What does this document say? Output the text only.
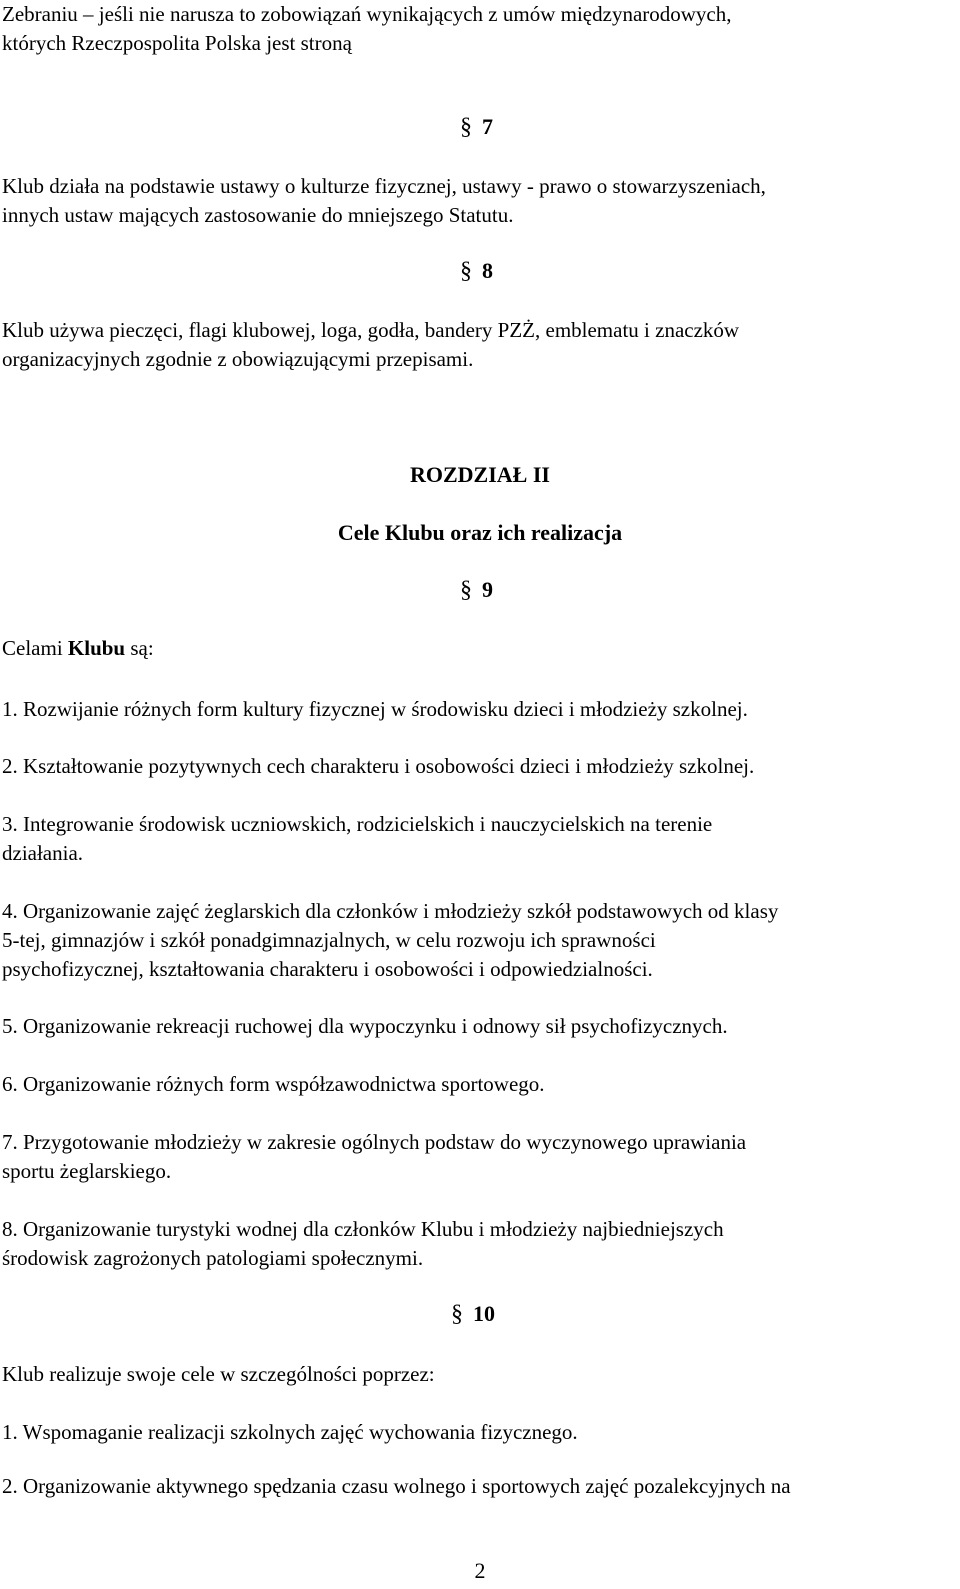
Zebraniu – jeśli nie narusza to zobowiązań wynikających z umów międzynarodowych,
których Rzeczpospolita Polska jest stroną
§ 7
Klub działa na podstawie ustawy o kulturze fizycznej, ustawy - prawo o stowarzyszeniach,
innych ustaw mających zastosowanie do mniejszego Statutu.
§ 8
Klub używa pieczęci, flagi klubowej, loga, godła, bandery PZŻ, emblematu i znaczków
organizacyjnych zgodnie z obowiązującymi przepisami.
ROZDZIAŁ II
Cele Klubu oraz ich realizacja
§ 9
Celami Klubu są:
1. Rozwijanie różnych form kultury fizycznej w środowisku dzieci i młodzieży szkolnej.
2. Kształtowanie pozytywnych cech charakteru i osobowości dzieci i młodzieży szkolnej.
3. Integrowanie środowisk uczniowskich, rodzicielskich i nauczycielskich na terenie
działania.
4. Organizowanie zajęć żeglarskich dla członków i młodzieży szkół podstawowych od klasy
5-tej, gimnazjów i szkół ponadgimnazjalnych, w celu rozwoju ich sprawności
psychofizycznej, kształtowania charakteru i osobowości i odpowiedzialności.
5. Organizowanie rekreacji ruchowej dla wypoczynku i odnowy sił psychofizycznych.
6. Organizowanie różnych form współzawodnictwa sportowego.
7. Przygotowanie młodzieży w zakresie ogólnych podstaw do wyczynowego uprawiania
sportu żeglarskiego.
8. Organizowanie turystyki wodnej dla członków Klubu i młodzieży najbiedniejszych
środowisk zagrożonych patologiami społecznymi.
§ 10
Klub realizuje swoje cele w szczególności poprzez:
1. Wspomaganie realizacji szkolnych zajęć wychowania fizycznego.
2. Organizowanie aktywnego spędzania czasu wolnego i sportowych zajęć pozalekcyjnych na
2
